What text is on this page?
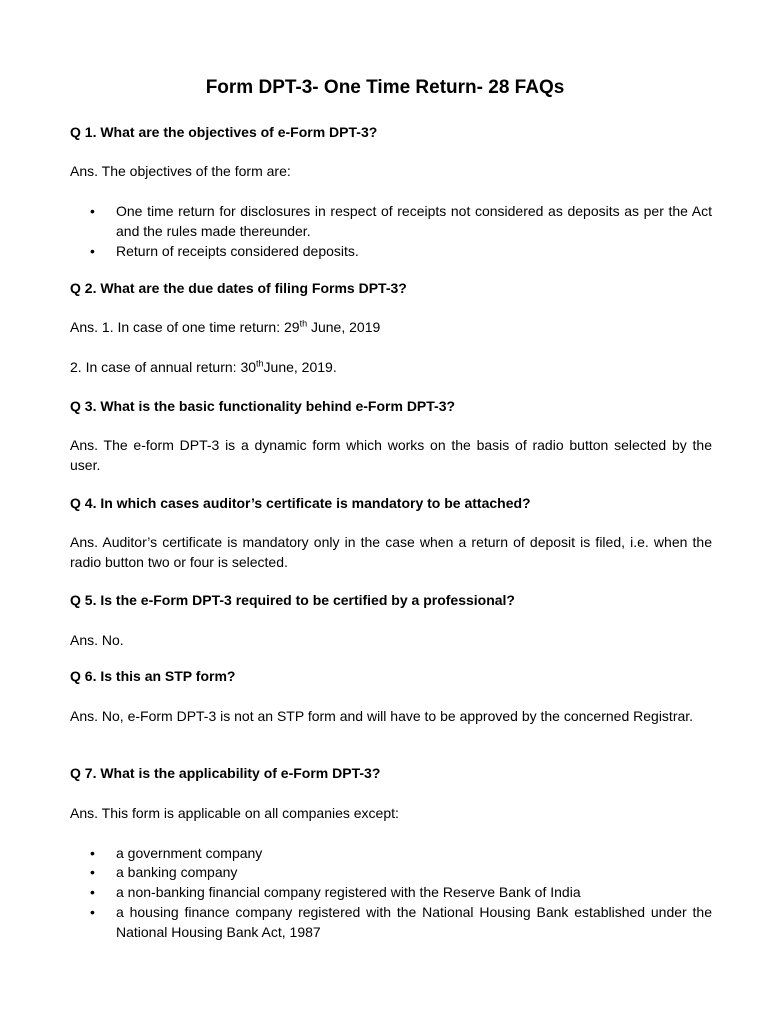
Form DPT-3- One Time Return- 28 FAQs
Q 1. What are the objectives of e-Form DPT-3?
Ans. The objectives of the form are:
•	One time return for disclosures in respect of receipts not considered as deposits as per the Act and the rules made thereunder.
•	Return of receipts considered deposits.
Q 2. What are the due dates of filing Forms DPT-3?
Ans. 1. In case of one time return: 29th June, 2019
2. In case of annual return: 30thJune, 2019.
Q 3. What is the basic functionality behind e-Form DPT-3?
Ans. The e-form DPT-3 is a dynamic form which works on the basis of radio button selected by the user.
Q 4. In which cases auditor’s certificate is mandatory to be attached?
Ans. Auditor’s certificate is mandatory only in the case when a return of deposit is filed, i.e. when the radio button two or four is selected.
Q 5. Is the e-Form DPT-3 required to be certified by a professional?
Ans. No.
Q 6. Is this an STP form?
Ans. No, e-Form DPT-3 is not an STP form and will have to be approved by the concerned Registrar.
Q 7. What is the applicability of e-Form DPT-3?
Ans. This form is applicable on all companies except:
•	a government company
•	a banking company
•	a non-banking financial company registered with the Reserve Bank of India
•	a housing finance company registered with the National Housing Bank established under the National Housing Bank Act, 1987
